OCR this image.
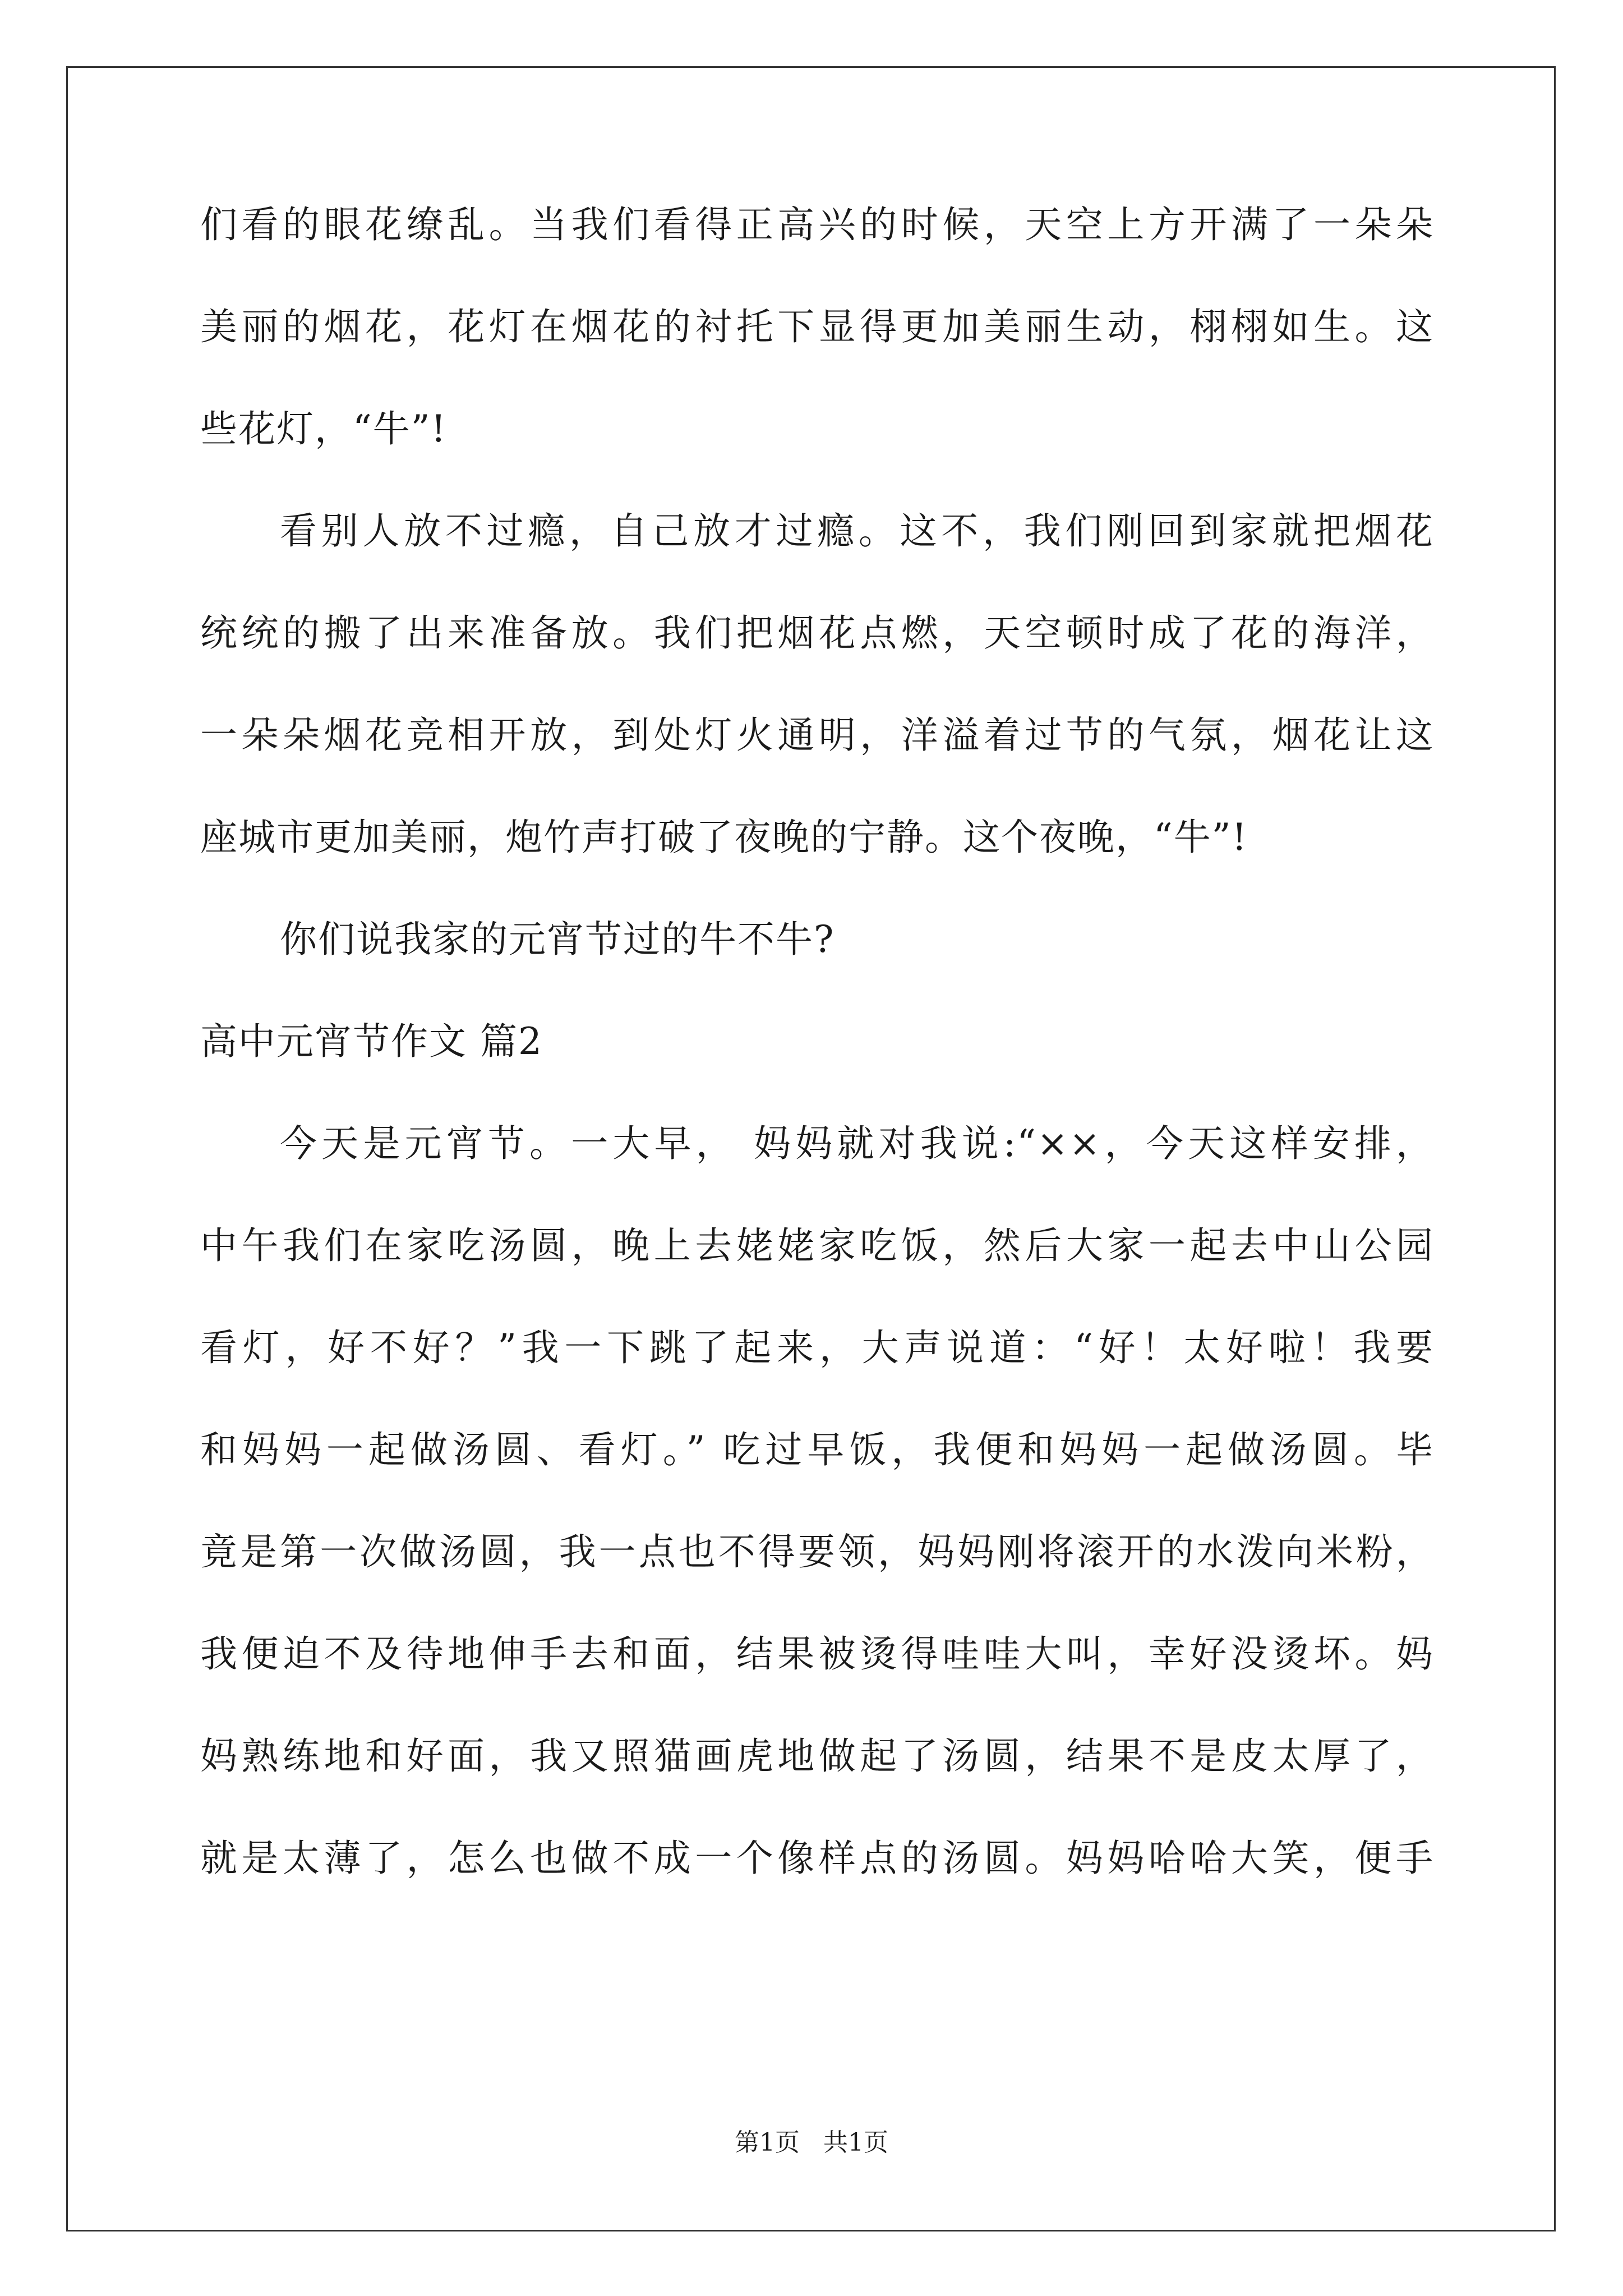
们看的眼花缭乱。当我们看得正高兴的时候，天空上方开满了一朵朵
美丽的烟花，花灯在烟花的衬托下显得更加美丽生动，栩栩如生。这
些花灯，“牛”!
看别人放不过瘾，自己放才过瘾。这不，我们刚回到家就把烟花
统统的搬了出来准备放。我们把烟花点燃，天空顿时成了花的海洋，
一朵朵烟花竞相开放，到处灯火通明，洋溢着过节的气氛，烟花让这
座城市更加美丽，炮竹声打破了夜晚的宁静。这个夜晚，“牛”!
你们说我家的元宵节过的牛不牛?
高中元宵节作文 篇2
今天是元宵节。一大早， 妈妈就对我说:“××，今天这样安排，
中午我们在家吃汤圆，晚上去姥姥家吃饭，然后大家一起去中山公园
看灯，好不好？”我一下跳了起来，大声说道：“好！太好啦！我要
和妈妈一起做汤圆、看灯。” 吃过早饭，我便和妈妈一起做汤圆。毕
竟是第一次做汤圆，我一点也不得要领，妈妈刚将滚开的水泼向米粉，
我便迫不及待地伸手去和面，结果被烫得哇哇大叫，幸好没烫坏。妈
妈熟练地和好面，我又照猫画虎地做起了汤圆，结果不是皮太厚了，
就是太薄了，怎么也做不成一个像样点的汤圆。妈妈哈哈大笑，便手
第1页   共1页
